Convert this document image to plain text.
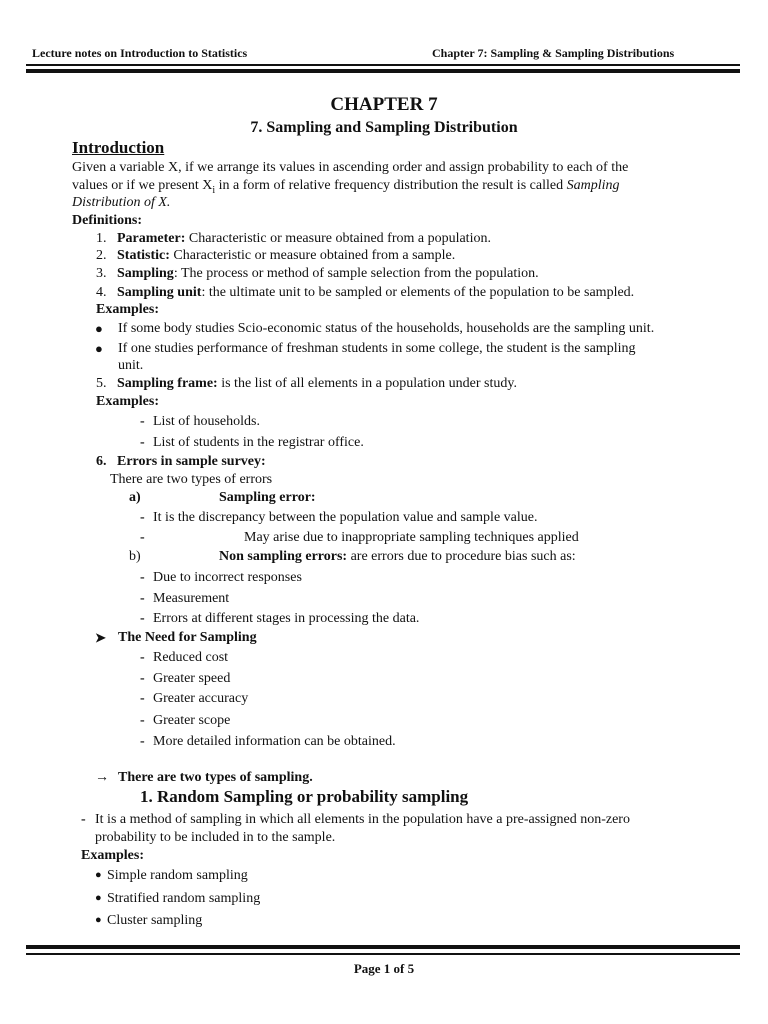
Lecture notes on Introduction to Statistics	Chapter 7: Sampling & Sampling Distributions
CHAPTER 7
7. Sampling and Sampling Distribution
Introduction
Given a variable X, if we arrange its values in ascending order and assign probability to each of the
values or if we present $X_i$ in a form of relative frequency distribution the result is called Sampling
Distribution of X.
Definitions:
1. Parameter: Characteristic or measure obtained from a population.
2. Statistic: Characteristic or measure obtained from a sample.
3. Sampling: The process or method of sample selection from the population.
4. Sampling unit: the ultimate unit to be sampled or elements of the population to be sampled.
Examples:
● If some body studies Scio-economic status of the households, households are the sampling unit.
● If one studies performance of freshman students in some college, the student is the sampling
unit.
5. Sampling frame: is the list of all elements in a population under study.
Examples:
- List of households.
- List of students in the registrar office.
6. Errors in sample survey:
There are two types of errors
a)	Sampling error:
- It is the discrepancy between the population value and sample value.
-	May arise due to inappropriate sampling techniques applied
b)	Non sampling errors: are errors due to procedure bias such as:
- Due to incorrect responses
- Measurement
- Errors at different stages in processing the data.
➤ The Need for Sampling
- Reduced cost
- Greater speed
- Greater accuracy
- Greater scope
- More detailed information can be obtained.
→ There are two types of sampling.
1. Random Sampling or probability sampling
- It is a method of sampling in which all elements in the population have a pre-assigned non-zero
probability to be included in to the sample.
Examples:
● Simple random sampling
● Stratified random sampling
● Cluster sampling
Page 1 of 5
